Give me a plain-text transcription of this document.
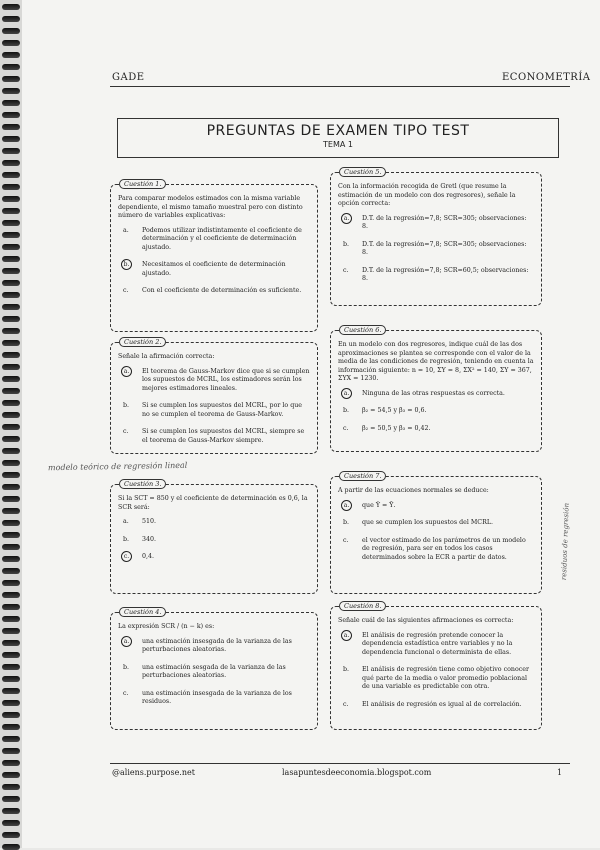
GADE	ECONOMETRÍA
PREGUNTAS DE EXAMEN TIPO TEST
TEMA 1
@aliens.purpose.net	lasapuntesdeeconomia.blogspot.com	1
modelo teórico de regresión lineal
residuos de regresión
Cuestión 1.
Para comparar modelos estimados con la misma variable dependiente, el mismo tamaño muestral pero con distinto número de variables explicativas:
a. Podemos utilizar indistintamente el coeficiente de determinación y el coeficiente de determinación ajustado.
b.	Necesitamos el coeficiente de determinación ajustado.
c. Con el coeficiente de determinación es suficiente.
Cuestión 2.
Señale la afirmación correcta:
a.	El teorema de Gauss-Markov dice que si se cumplen los supuestos de MCRL, los estimadores serán los mejores estimadores lineales.
b. Si se cumplen los supuestos del MCRL, por lo que no se cumplen el teorema de Gauss-Markov.
c. Si se cumplen los supuestos del MCRL, siempre se el teorema de Gauss-Markov siempre.
Cuestión 3.
Si la SCT = 850 y el coeficiente de determinación es 0,6, la SCR será:
a. 510.
b. 340.
c.	0,4.
Cuestión 4.
La expresión SCR / (n − k) es:
a.	una estimación insesgada de la varianza de las perturbaciones aleatorias.
b. una estimación sesgada de la varianza de las perturbaciones aleatorias.
c. una estimación insesgada de la varianza de los residuos.
Cuestión 5.
Con la información recogida de Gretl (que resume la estimación de un modelo con dos regresores), señale la opción correcta:
a.	D.T. de la regresión=7,8; SCR=305; observaciones: 8.
b. D.T. de la regresión=7,8; SCR=305; observaciones: 8.
c. D.T. de la regresión=7,8; SCR=60,5; observaciones: 8.
Cuestión 6.
En un modelo con dos regresores, indique cuál de las dos aproximaciones se plantea se corresponde con el valor de la media de las condiciones de regresión, teniendo en cuenta la información siguiente: n = 10, ΣY = 8, ΣX² = 140, ΣY = 367, ΣYX = 1230.
a.	Ninguna de las otras respuestas es correcta.
b. β₂ = 54,5 y β₃ = 0,6.
c. β₂ = 50,5 y β₃ = 0,42.
Cuestión 7.
A partir de las ecuaciones normales se deduce:
a.	que Ŷ = Ȳ.
b. que se cumplen los supuestos del MCRL.
c. el vector estimado de los parámetros de un modelo de regresión, para ser en todos los casos determinados sobre la ECR a partir de datos.
Cuestión 8.
Señale cuál de las siguientes afirmaciones es correcta:
a.	El análisis de regresión pretende conocer la dependencia estadística entre variables y no la dependencia funcional o determinista de ellas.
b. El análisis de regresión tiene como objetivo conocer qué parte de la media o valor promedio poblacional de una variable es predictable con otra.
c. El análisis de regresión es igual al de correlación.
